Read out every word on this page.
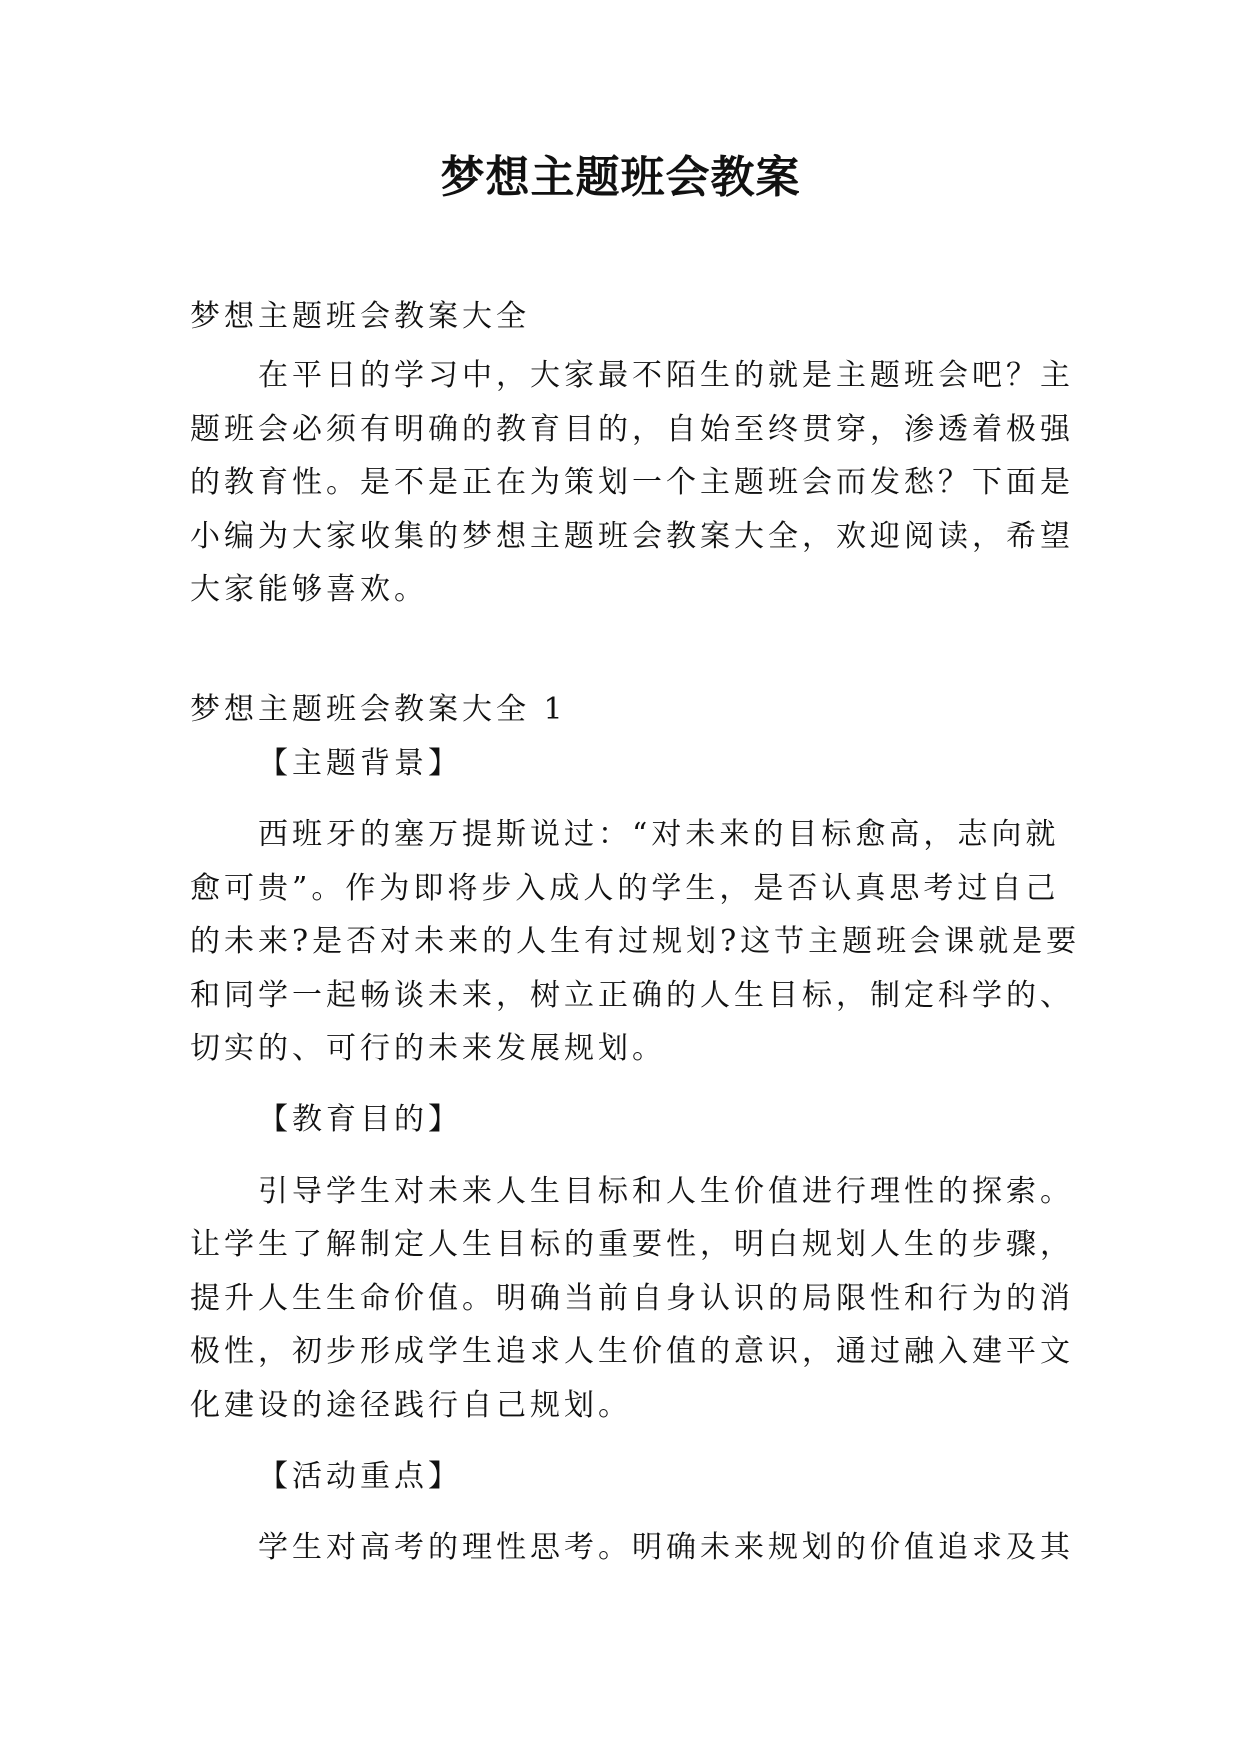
梦想主题班会教案
梦想主题班会教案大全
在平日的学习中，大家最不陌生的就是主题班会吧？主
题班会必须有明确的教育目的，自始至终贯穿，渗透着极强
的教育性。是不是正在为策划一个主题班会而发愁？下面是
小编为大家收集的梦想主题班会教案大全，欢迎阅读，希望
大家能够喜欢。
梦想主题班会教案大全 1
【主题背景】
西班牙的塞万提斯说过：“对未来的目标愈高，志向就
愈可贵”。作为即将步入成人的学生，是否认真思考过自己
的未来?是否对未来的人生有过规划?这节主题班会课就是要
和同学一起畅谈未来，树立正确的人生目标，制定科学的、
切实的、可行的未来发展规划。
【教育目的】
引导学生对未来人生目标和人生价值进行理性的探索。
让学生了解制定人生目标的重要性，明白规划人生的步骤，
提升人生生命价值。明确当前自身认识的局限性和行为的消
极性，初步形成学生追求人生价值的意识，通过融入建平文
化建设的途径践行自己规划。
【活动重点】
学生对高考的理性思考。明确未来规划的价值追求及其
